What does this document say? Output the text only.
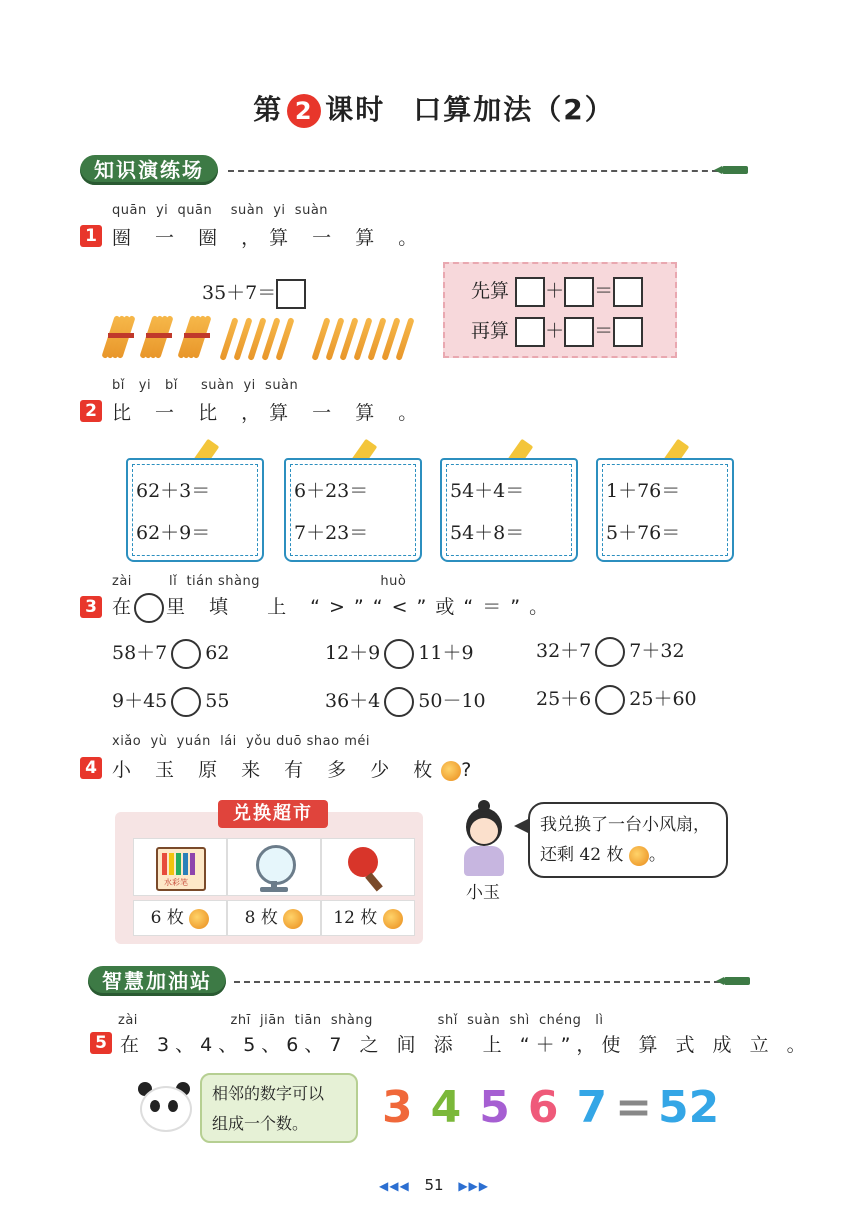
第 2 课时 口算加法（2）
知识演练场
quān  yi  quān    suàn  yi  suàn
1 圈 一 圈 ，算 一 算 。
35＋7＝	先算 ＋ ＝
再算 ＋ ＝
bǐ   yi   bǐ     suàn  yi  suàn
2 比 一 比 ，算 一 算 。
62＋3＝
62＋9＝
6＋23＝
7＋23＝
54＋4＝
54＋8＝
1＋76＝
5＋76＝
zài        lǐ  tián shàng                          huò
3 在 里 填  上 “>”“<”或“＝”。
58＋7 62	12＋9 11＋9	32＋7 7＋32
9＋45 55	36＋4 50－10	25＋6 25＋60
xiǎo  yù  yuán  lái  yǒu duō shao méi
4 小 玉 原 来 有 多 少 枚 ?
水彩笔
6 枚	8 枚	12 枚
兑换超市
小玉
我兑换了一台小风扇，
还剩 42 枚 。
智慧加油站
zài                    zhī  jiān  tiān  shàng              shǐ  suàn  shì  chéng   lì
5 在 3、4、5、6、7 之 间 添  上 “＋”，使 算 式 成 立 。
相邻的数字可以
组成一个数。	3 4 5 6 7 = 52
◀◀◀ 51 ▶▶▶
